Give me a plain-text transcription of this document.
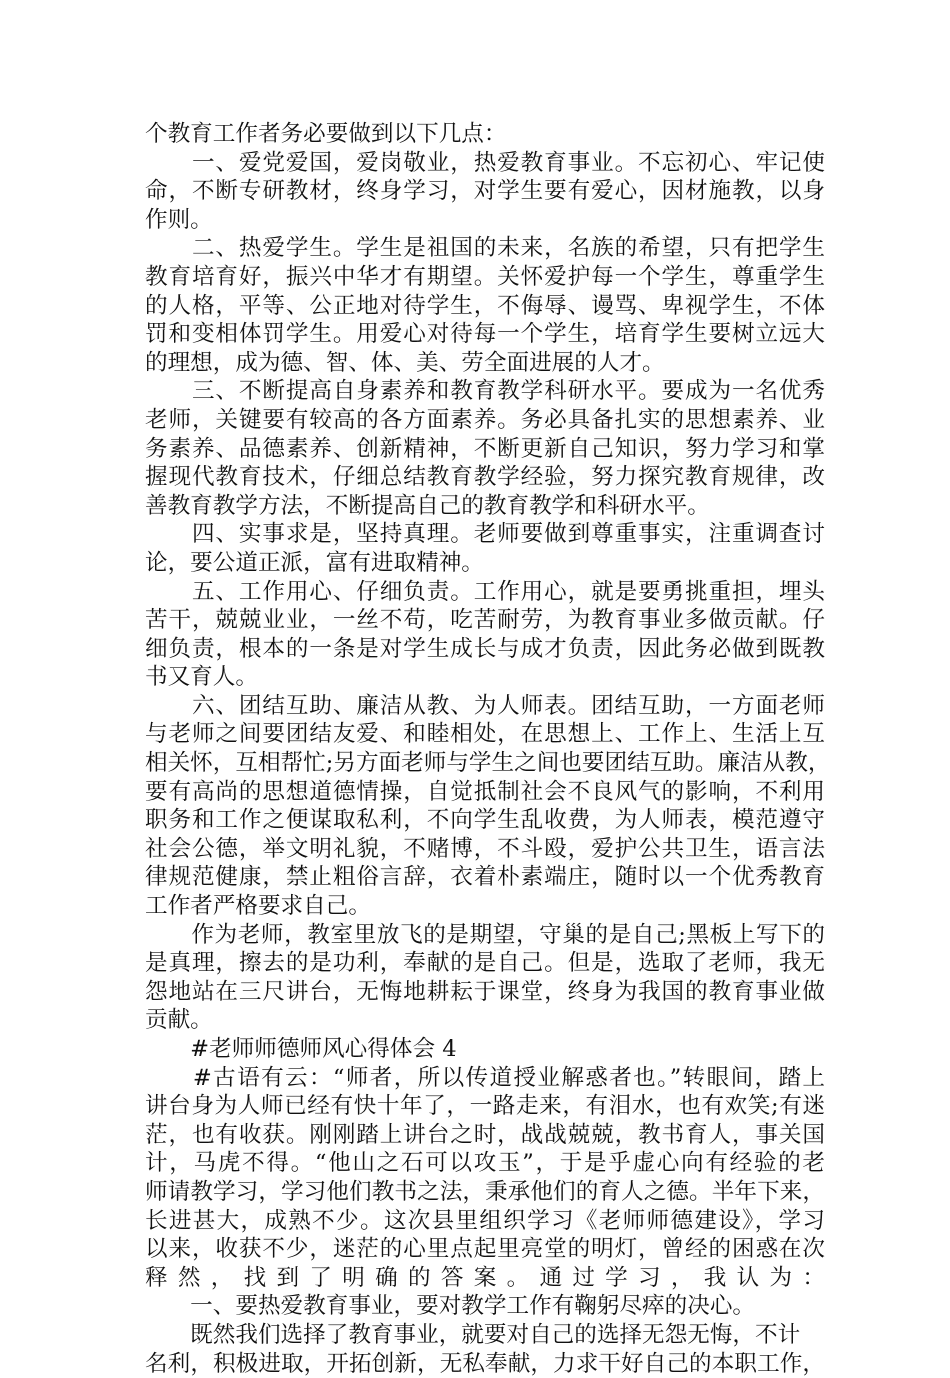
个教育工作者务必要做到以下几点：
　　一、爱党爱国，爱岗敬业，热爱教育事业。不忘初心、牢记使
命，不断专研教材，终身学习，对学生要有爱心，因材施教，以身
作则。
　　二、热爱学生。学生是祖国的未来，名族的希望，只有把学生
教育培育好，振兴中华才有期望。关怀爱护每一个学生，尊重学生
的人格，平等、公正地对待学生，不侮辱、谩骂、卑视学生，不体
罚和变相体罚学生。用爱心对待每一个学生，培育学生要树立远大
的理想，成为德、智、体、美、劳全面进展的人才。
　　三、不断提高自身素养和教育教学科研水平。要成为一名优秀
老师，关键要有较高的各方面素养。务必具备扎实的思想素养、业
务素养、品德素养、创新精神，不断更新自己知识，努力学习和掌
握现代教育技术，仔细总结教育教学经验，努力探究教育规律，改
善教育教学方法，不断提高自己的教育教学和科研水平。
　　四、实事求是，坚持真理。老师要做到尊重事实，注重调查讨
论，要公道正派，富有进取精神。
　　五、工作用心、仔细负责。工作用心，就是要勇挑重担，埋头
苦干，兢兢业业，一丝不苟，吃苦耐劳，为教育事业多做贡献。仔
细负责，根本的一条是对学生成长与成才负责，因此务必做到既教
书又育人。
　　六、团结互助、廉洁从教、为人师表。团结互助，一方面老师
与老师之间要团结友爱、和睦相处，在思想上、工作上、生活上互
相关怀，互相帮忙;另方面老师与学生之间也要团结互助。廉洁从教，
要有高尚的思想道德情操，自觉抵制社会不良风气的影响，不利用
职务和工作之便谋取私利，不向学生乱收费，为人师表，模范遵守
社会公德，举文明礼貌，不赌博，不斗殴，爱护公共卫生，语言法
律规范健康，禁止粗俗言辞，衣着朴素端庄，随时以一个优秀教育
工作者严格要求自己。
　　作为老师，教室里放飞的是期望，守巢的是自己;黑板上写下的
是真理，擦去的是功利，奉献的是自己。但是，选取了老师，我无
怨地站在三尺讲台，无悔地耕耘于课堂，终身为我国的教育事业做
贡献。
　　#老师师德师风心得体会 4
　　#古语有云：“师者，所以传道授业解惑者也。”转眼间，踏上
讲台身为人师已经有快十年了，一路走来，有泪水，也有欢笑;有迷
茫，也有收获。刚刚踏上讲台之时，战战兢兢，教书育人，事关国
计，马虎不得。“他山之石可以攻玉”，于是乎虚心向有经验的老
师请教学习，学习他们教书之法，秉承他们的育人之德。半年下来，
长进甚大，成熟不少。这次县里组织学习《老师师德建设》，学习
以来，收获不少，迷茫的心里点起里亮堂的明灯，曾经的困惑在次
释然，找到了明确的答案。通过学习，我认为：
　　一、要热爱教育事业，要对教学工作有鞠躬尽瘁的决心。
　　既然我们选择了教育事业，就要对自己的选择无怨无悔，不计
名利，积极进取，开拓创新，无私奉献，力求干好自己的本职工作，
